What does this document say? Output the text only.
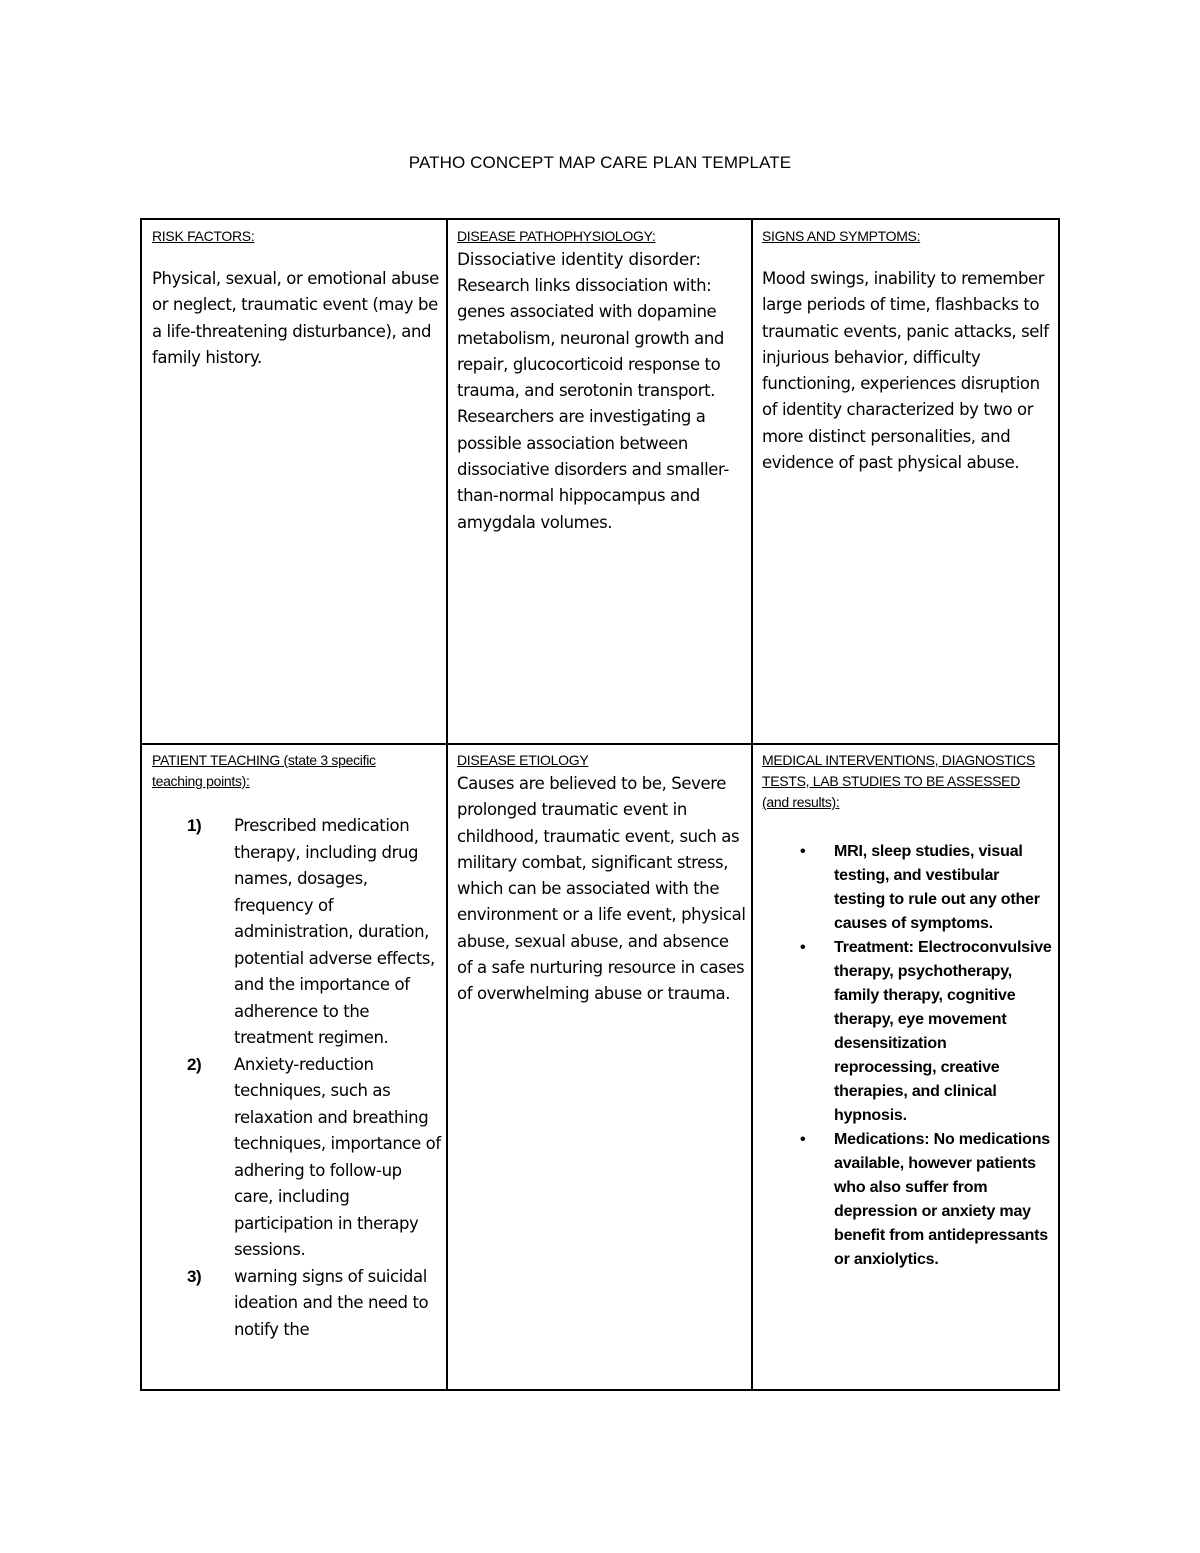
PATHO CONCEPT MAP CARE PLAN TEMPLATE
RISK FACTORS:
Physical, sexual, or emotional abuse or neglect, traumatic event (may be a life-threatening disturbance), and family history.
DISEASE PATHOPHYSIOLOGY:
Dissociative identity disorder:
Research links dissociation with: genes associated with dopamine metabolism, neuronal growth and repair, glucocorticoid response to trauma, and serotonin transport. Researchers are investigating a possible association between dissociative disorders and smaller-than-normal hippocampus and amygdala volumes.
SIGNS AND SYMPTOMS:
Mood swings, inability to remember large periods of time, flashbacks to traumatic events, panic attacks, self injurious behavior, difficulty functioning, experiences disruption of identity characterized by two or more distinct personalities, and evidence of past physical abuse.
PATIENT TEACHING (state 3 specific teaching points):
1) Prescribed medication therapy, including drug names, dosages, frequency of administration, duration, potential adverse effects, and the importance of adherence to the treatment regimen.
2) Anxiety-reduction techniques, such as relaxation and breathing techniques, importance of adhering to follow-up care, including participation in therapy sessions.
3) warning signs of suicidal ideation and the need to notify the
DISEASE ETIOLOGY
Causes are believed to be, Severe prolonged traumatic event in childhood, traumatic event, such as military combat, significant stress, which can be associated with the environment or a life event, physical abuse, sexual abuse, and absence of a safe nurturing resource in cases of overwhelming abuse or trauma.
MEDICAL INTERVENTIONS, DIAGNOSTICS TESTS, LAB STUDIES TO BE ASSESSED (and results):
• MRI, sleep studies, visual testing, and vestibular testing to rule out any other causes of symptoms.
• Treatment: Electroconvulsive therapy, psychotherapy, family therapy, cognitive therapy, eye movement desensitization reprocessing, creative therapies, and clinical hypnosis.
• Medications: No medications available, however patients who also suffer from depression or anxiety may benefit from antidepressants or anxiolytics.
